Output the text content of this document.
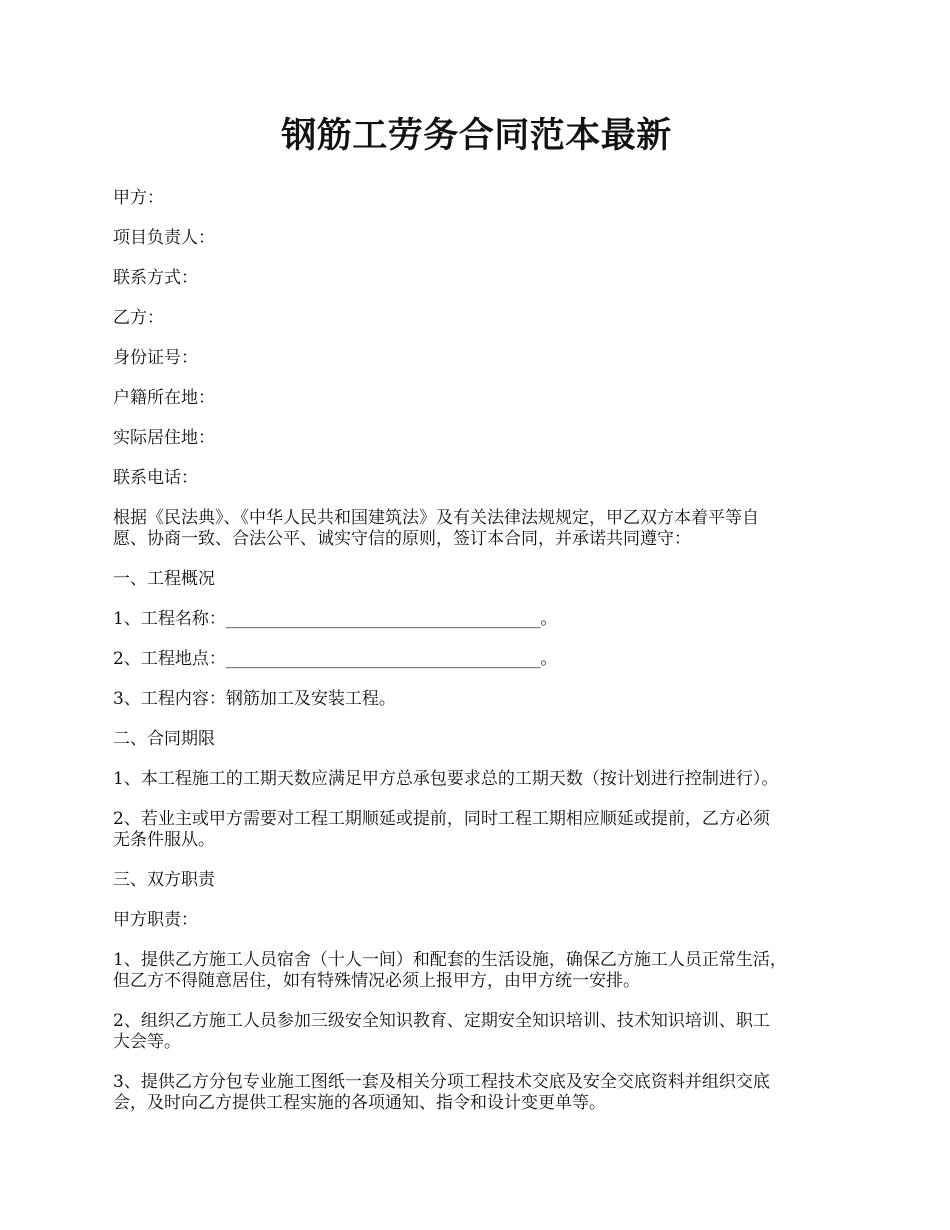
钢筋工劳务合同范本最新

甲方：

项目负责人：

联系方式：

乙方：

身份证号：

户籍所在地：

实际居住地：

联系电话：

根据《民法典》、《中华人民共和国建筑法》及有关法律法规规定，甲乙双方本着平等自
愿、协商一致、合法公平、诚实守信的原则，签订本合同，并承诺共同遵守：

一、工程概况

1、工程名称：_____________________________________。

2、工程地点：_____________________________________。

3、工程内容：钢筋加工及安装工程。

二、合同期限

1、本工程施工的工期天数应满足甲方总承包要求总的工期天数（按计划进行控制进行）。

2、若业主或甲方需要对工程工期顺延或提前，同时工程工期相应顺延或提前，乙方必须
无条件服从。

三、双方职责

甲方职责：

1、提供乙方施工人员宿舍（十人一间）和配套的生活设施，确保乙方施工人员正常生活，
但乙方不得随意居住，如有特殊情况必须上报甲方，由甲方统一安排。

2、组织乙方施工人员参加三级安全知识教育、定期安全知识培训、技术知识培训、职工
大会等。

3、提供乙方分包专业施工图纸一套及相关分项工程技术交底及安全交底资料并组织交底
会，及时向乙方提供工程实施的各项通知、指令和设计变更单等。
